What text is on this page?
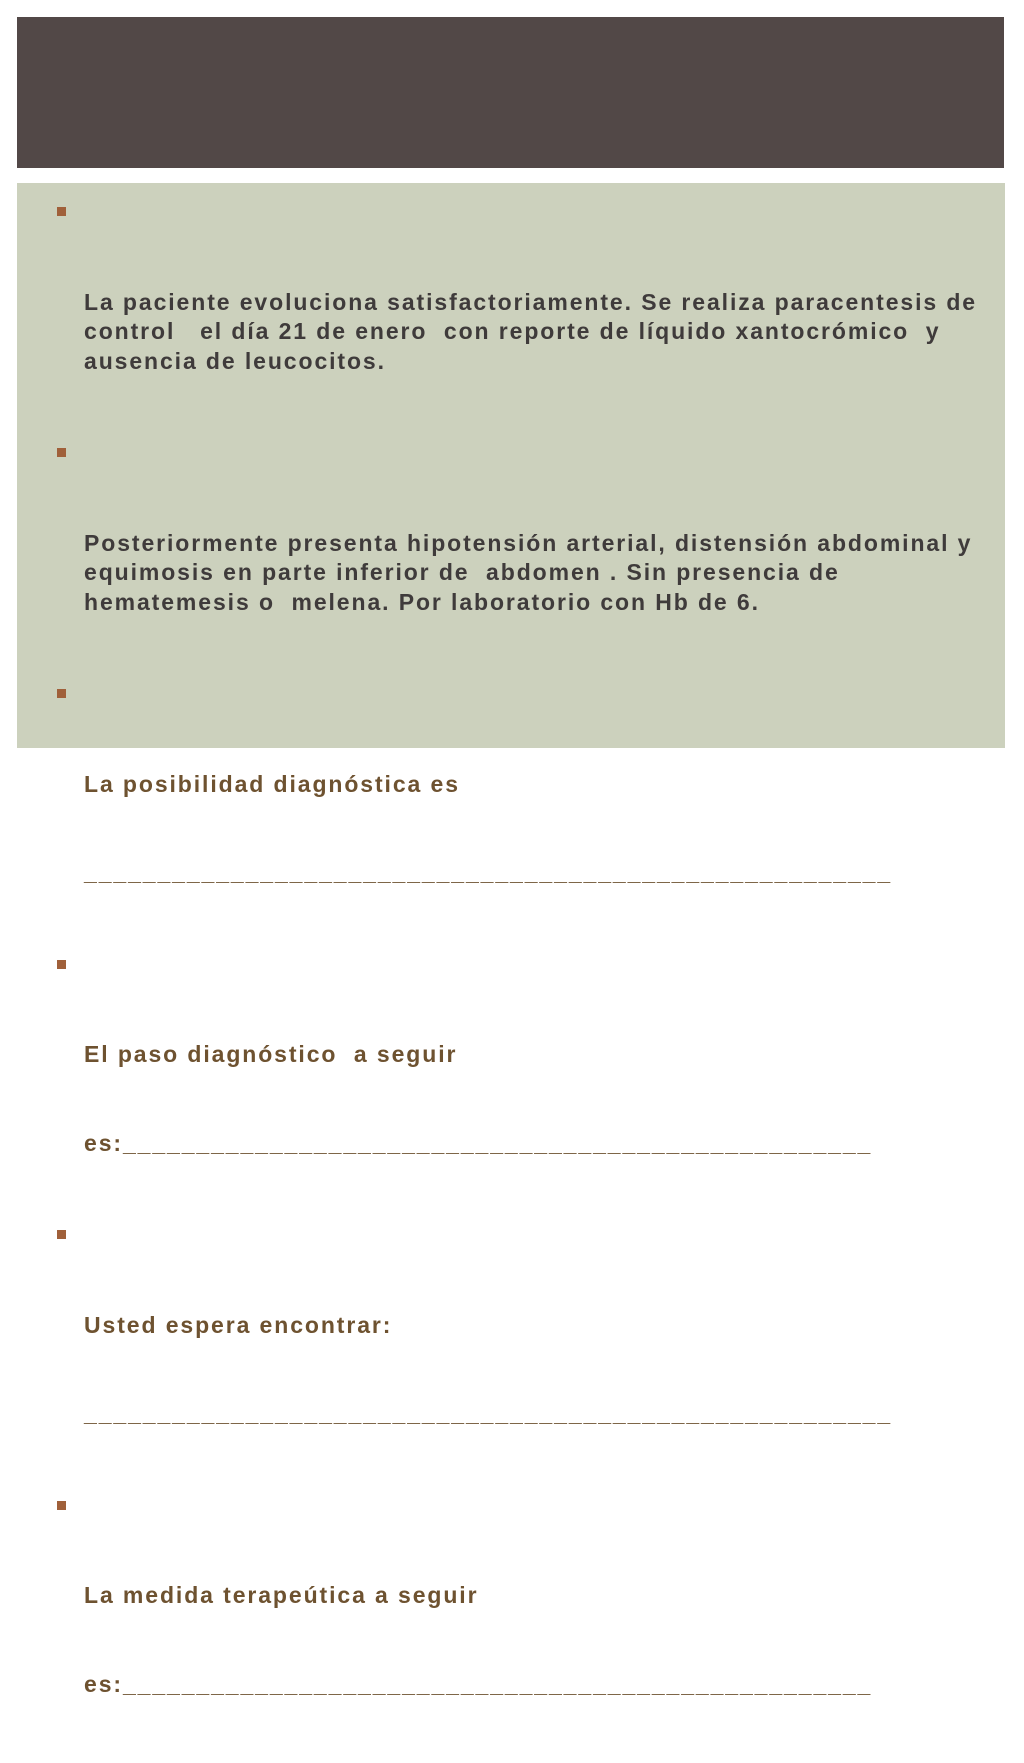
La paciente evoluciona satisfactoriamente. Se realiza paracentesis de control   el día 21 de enero  con reporte de líquido xantocrómico  y   ausencia de leucocitos.

Posteriormente presenta hipotensión arterial, distensión abdominal y equimosis en parte inferior de  abdomen . Sin presencia de hematemesis o  melena. Por laboratorio con Hb de 6.

La posibilidad diagnóstica es

_______________________________________________________

El paso diagnóstico  a seguir

es:___________________________________________________

Usted espera encontrar:

_______________________________________________________

La medida terapeútica a seguir

es:___________________________________________________
